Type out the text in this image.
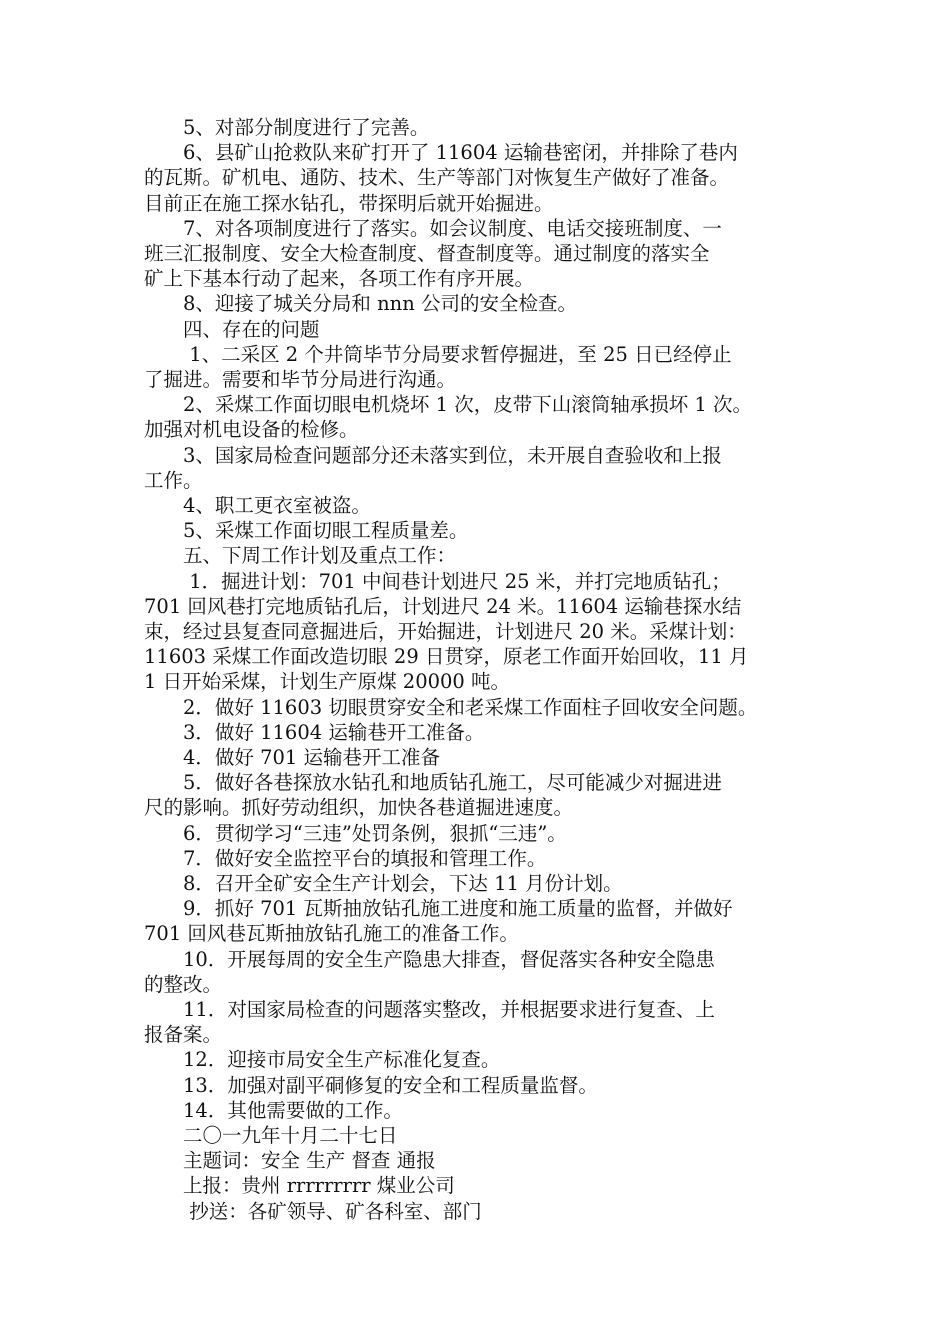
　　5、对部分制度进行了完善。
　　6、县矿山抢救队来矿打开了 11604 运输巷密闭，并排除了巷内
的瓦斯。矿机电、通防、技术、生产等部门对恢复生产做好了准备。
目前正在施工探水钻孔，带探明后就开始掘进。
　　7、对各项制度进行了落实。如会议制度、电话交接班制度、一
班三汇报制度、安全大检查制度、督查制度等。通过制度的落实全
矿上下基本行动了起来，各项工作有序开展。
　　8、迎接了城关分局和 nnn 公司的安全检查。
　　四、存在的问题
　　 1、二采区 2 个井筒毕节分局要求暂停掘进，至 25 日已经停止
了掘进。需要和毕节分局进行沟通。
　　2、采煤工作面切眼电机烧坏 1 次，皮带下山滚筒轴承损坏 1 次。
加强对机电设备的检修。
　　3、国家局检查问题部分还未落实到位，未开展自查验收和上报
工作。
　　4、职工更衣室被盗。
　　5、采煤工作面切眼工程质量差。
　　五、下周工作计划及重点工作：
　　 1．掘进计划：701 中间巷计划进尺 25 米，并打完地质钻孔；
701 回风巷打完地质钻孔后，计划进尺 24 米。11604 运输巷探水结
束，经过县复查同意掘进后，开始掘进，计划进尺 20 米。采煤计划：
11603 采煤工作面改造切眼 29 日贯穿，原老工作面开始回收，11 月
1 日开始采煤，计划生产原煤 20000 吨。
　　2．做好 11603 切眼贯穿安全和老采煤工作面柱子回收安全问题。
　　3．做好 11604 运输巷开工准备。
　　4．做好 701 运输巷开工准备
　　5．做好各巷探放水钻孔和地质钻孔施工，尽可能减少对掘进进
尺的影响。抓好劳动组织，加快各巷道掘进速度。
　　6．贯彻学习“三违”处罚条例，狠抓“三违”。
　　7．做好安全监控平台的填报和管理工作。
　　8．召开全矿安全生产计划会，下达 11 月份计划。
　　9．抓好 701 瓦斯抽放钻孔施工进度和施工质量的监督，并做好
701 回风巷瓦斯抽放钻孔施工的准备工作。
　　10．开展每周的安全生产隐患大排查，督促落实各种安全隐患
的整改。
　　11．对国家局检查的问题落实整改，并根据要求进行复查、上
报备案。
　　12．迎接市局安全生产标准化复查。
　　13．加强对副平硐修复的安全和工程质量监督。
　　14．其他需要做的工作。
　　二〇一九年十月二十七日
　　主题词：安全 生产 督查 通报
　　上报：贵州 rrrrrrrrr 煤业公司
　　 抄送：各矿领导、矿各科室、部门
